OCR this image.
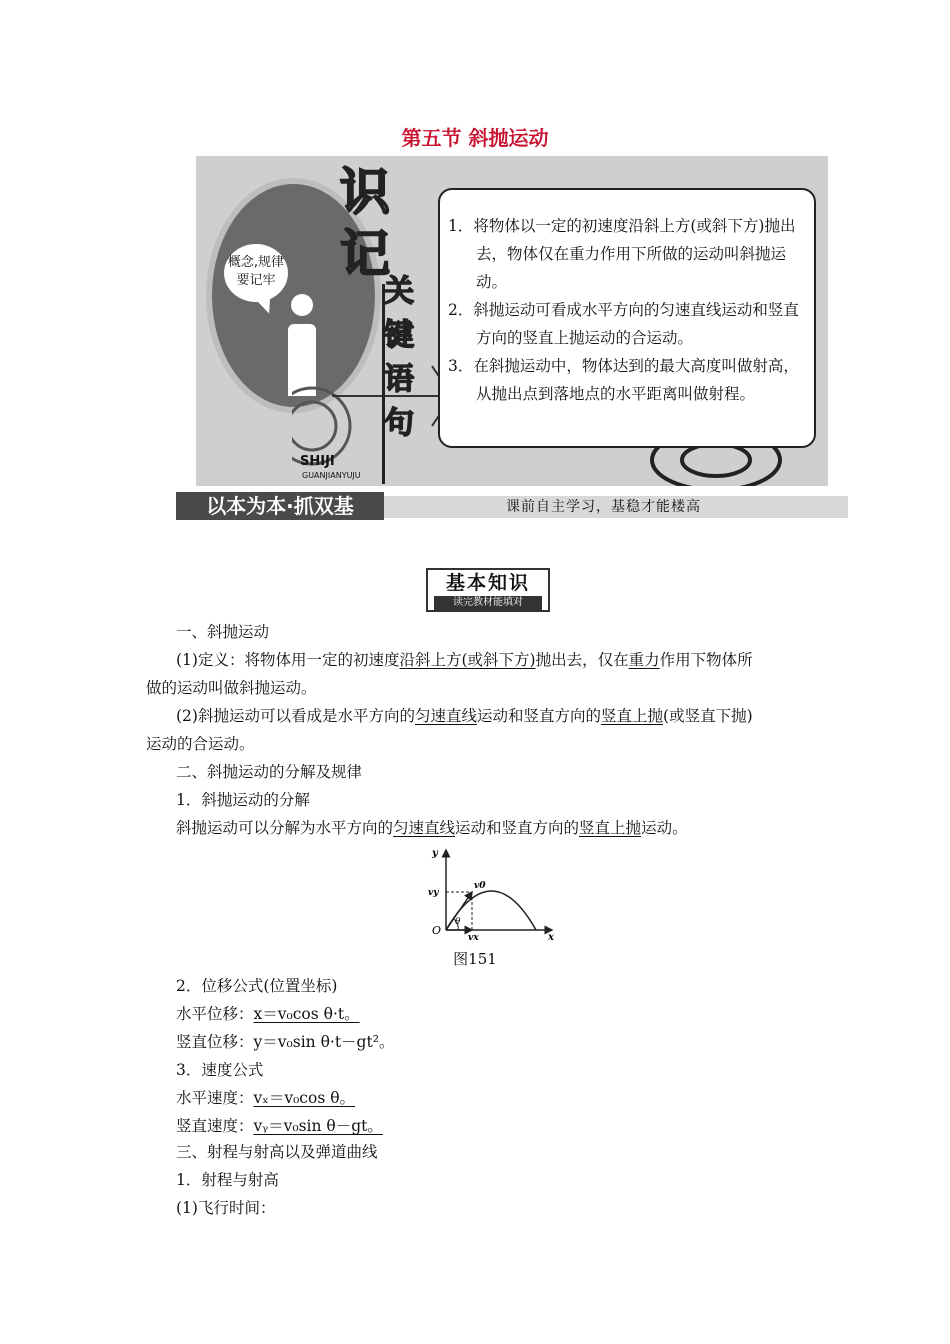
第五节 斜抛运动
概念,规律
要记牢
识
记
关
键
语
句
SHIJI
GUANJIANYUJU

1．将物体以一定的初速度沿斜上方(或斜下方)抛出去，物体仅在重力作用下所做的运动叫斜抛运动。

2．斜抛运动可看成水平方向的匀速直线运动和竖直方向的竖直上抛运动的合运动。

3．在斜抛运动中，物体达到的最大高度叫做射高，从抛出点到落地点的水平距离叫做射程。

以本为本·抓双基	课前自主学习，基稳才能楼高
基本知识
读完教材能填对
一、斜抛运动
(1)定义：将物体用一定的初速度沿斜上方(或斜下方)抛出去，仅在重力作用下物体所
做的运动叫做斜抛运动。
(2)斜抛运动可以看成是水平方向的匀速直线运动和竖直方向的竖直上抛(或竖直下抛)
运动的合运动。
二、斜抛运动的分解及规律
1．斜抛运动的分解
斜抛运动可以分解为水平方向的匀速直线运动和竖直方向的竖直上抛运动。
y
x
O
v0
vy
vx
θ
图151
2．位移公式(位置坐标)
水平位移：x＝v₀cos θ·t。
竖直位移：y＝v₀sin θ·t－gt²。
3．速度公式
水平速度：vₓ＝v₀cos θ。
竖直速度：vᵧ＝v₀sin θ－gt。
三、射程与射高以及弹道曲线
1．射程与射高
(1)飞行时间：
